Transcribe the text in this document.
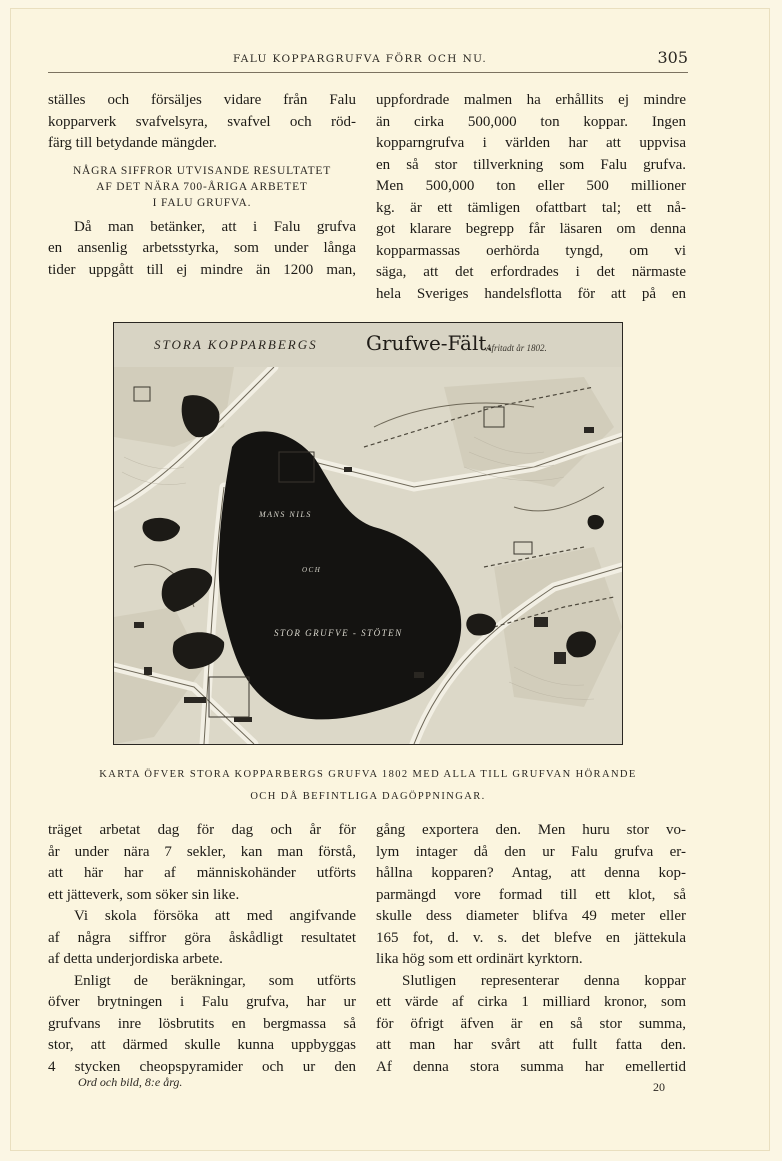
FALU KOPPARGRUFVA FÖRR OCH NU.	305

ställes och försäljes vidare från Falu
kopparverk svafvelsyra, svafvel och röd-
färg till betydande mängder.

NÅGRA SIFFROR UTVISANDE RESULTATET
AF DET NÄRA 700-ÅRIGA ARBETET
I FALU GRUFVA.

Då man betänker, att i Falu grufva
en ansenlig arbetsstyrka, som under långa
tider uppgått till ej mindre än 1200 man,

uppfordrade malmen ha erhållits ej mindre
än cirka 500,000 ton koppar. Ingen
kopparngrufva i världen har att uppvisa
en så stor tillverkning som Falu grufva.
Men 500,000 ton eller 500 millioner
kg. är ett tämligen ofattbart tal; ett nå-
got klarare begrepp får läsaren om denna
kopparmassas oerhörda tyngd, om vi
säga, att det erfordrades i det närmaste
hela Sveriges handelsflotta för att på en

STORA KOPPARBERGS Grufwe-Fält.
Afritadt år 1802.
MANS NILS
OCH
STOR GRUFVE - STÖTEN
KARTA ÖFVER STORA KOPPARBERGS GRUFVA 1802 MED ALLA TILL GRUFVAN HÖRANDE
OCH DÅ BEFINTLIGA DAGÖPPNINGAR.

träget arbetat dag för dag och år för
år under nära 7 sekler, kan man förstå,
att här har af människohänder utförts
ett jätteverk, som söker sin like.

Vi skola försöka att med angifvande
af några siffror göra åskådligt resultatet
af detta underjordiska arbete.

Enligt de beräkningar, som utförts
öfver brytningen i Falu grufva, har ur
grufvans inre lösbrutits en bergmassa så
stor, att därmed skulle kunna uppbyggas
4 stycken cheopspyramider och ur den

gång exportera den. Men huru stor vo-
lym intager då den ur Falu grufva er-
hållna kopparen? Antag, att denna kop-
parmängd vore formad till ett klot, så
skulle dess diameter blifva 49 meter eller
165 fot, d. v. s. det blefve en jättekula
lika hög som ett ordinärt kyrktorn.

Slutligen representerar denna koppar
ett värde af cirka 1 milliard kronor, som
för öfrigt äfven är en så stor summa,
att man har svårt att fullt fatta den.
Af denna stora summa har emellertid

Ord och bild, 8:e årg.	20
